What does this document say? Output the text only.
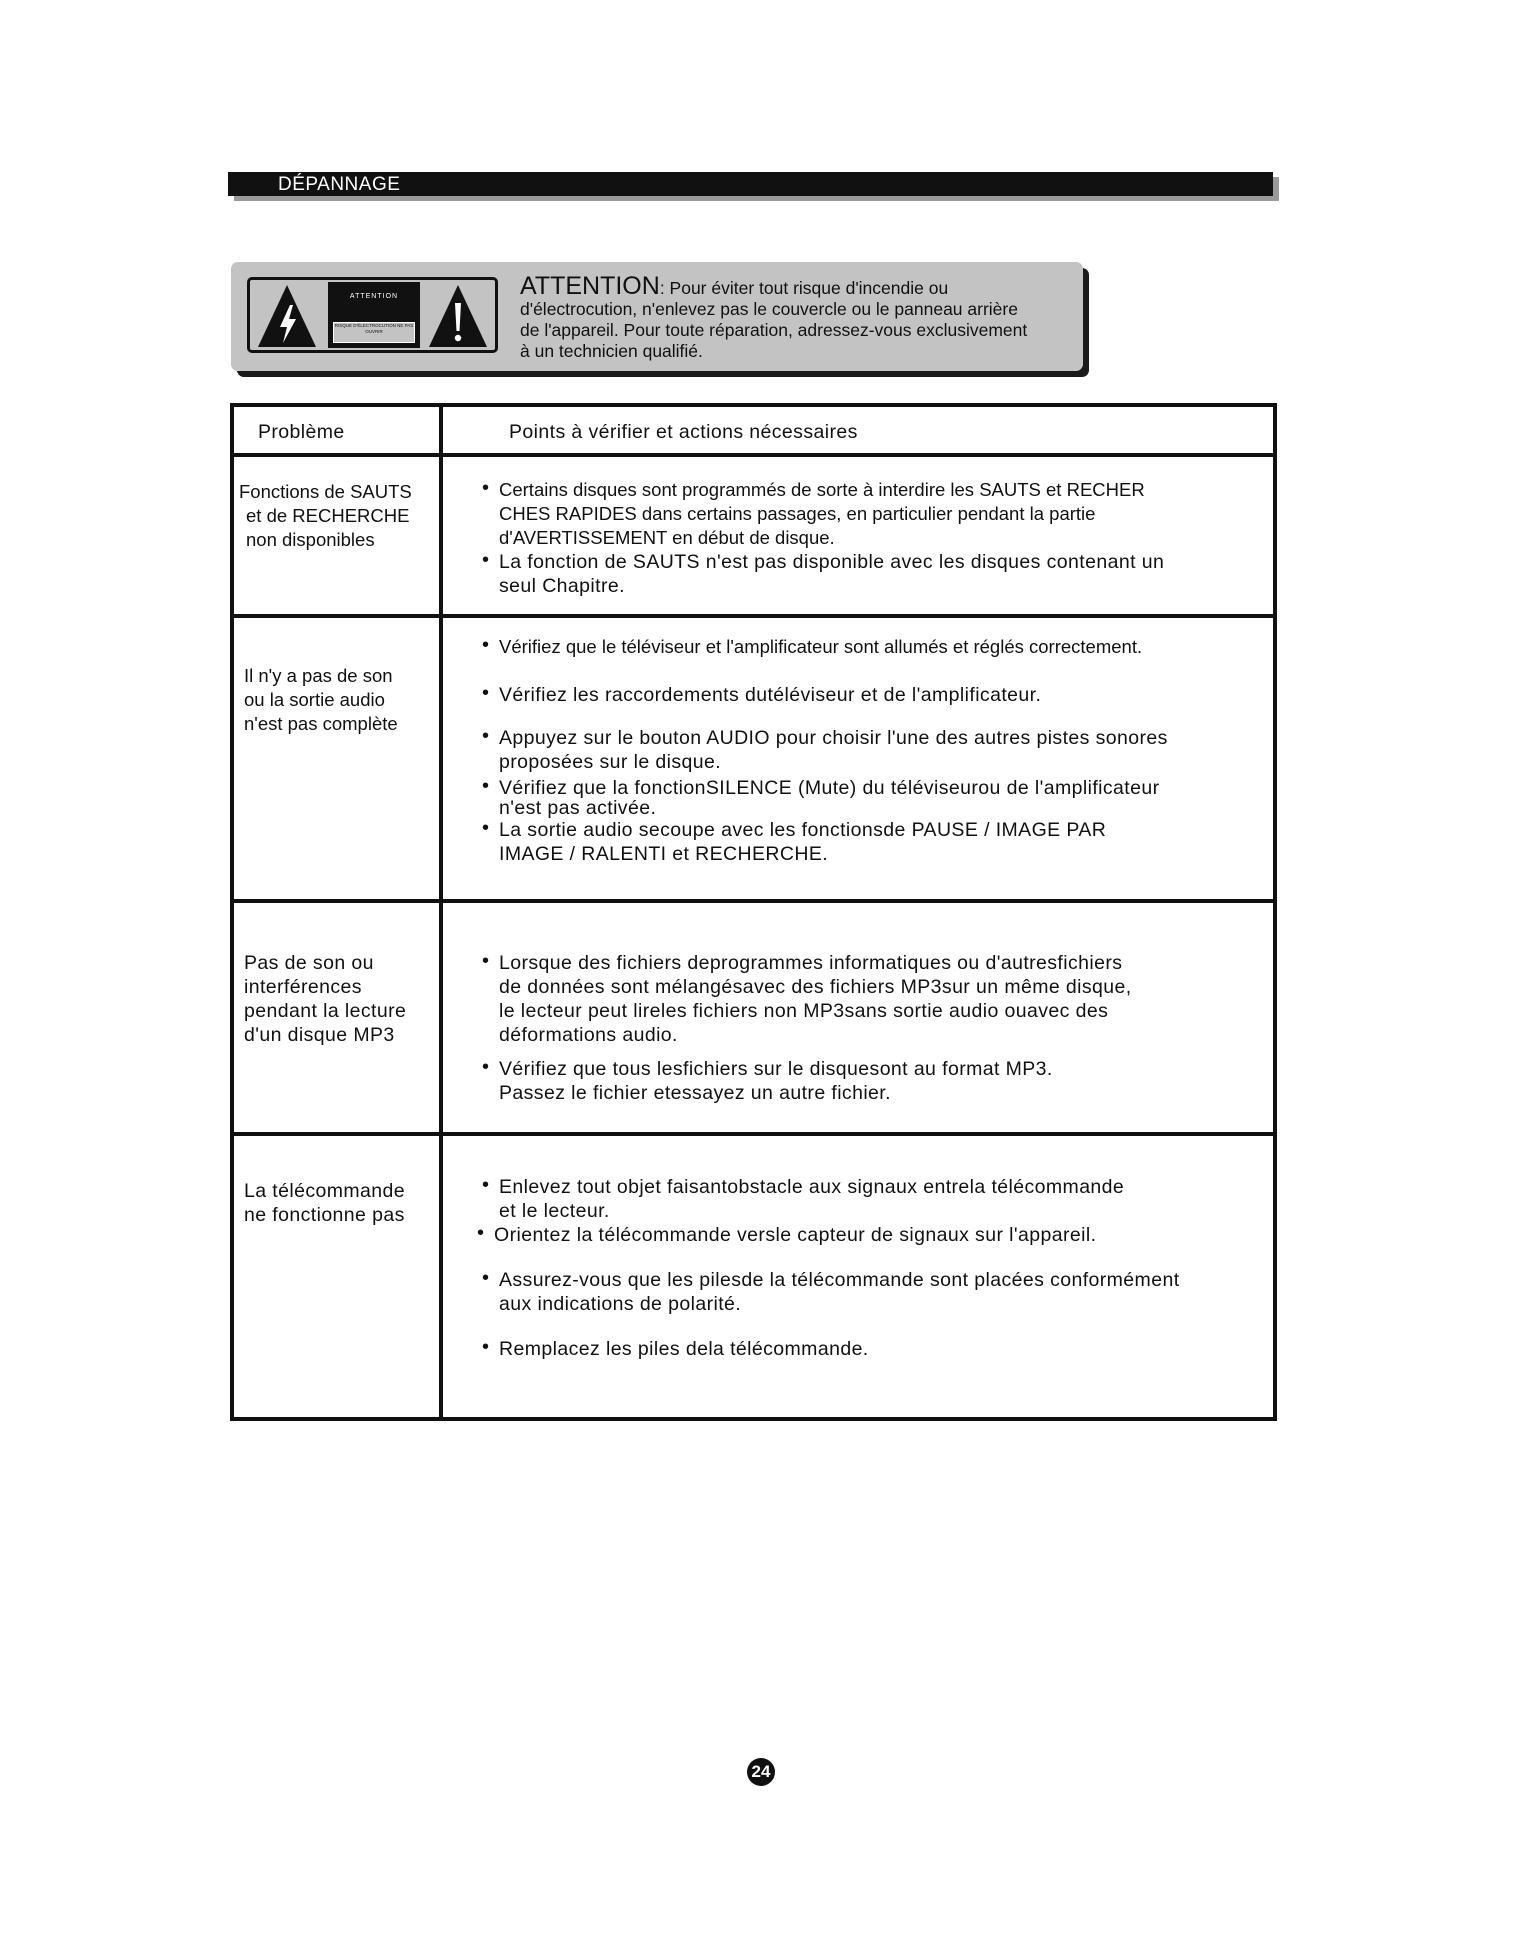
DÉPANNAGE
ATTENTION
RISQUE D'ÉLECTROCUTION NE PAS OUVRIR
ATTENTION: Pour éviter tout risque d'incendie ou
d'électrocution, n'enlevez pas le couvercle ou le panneau arrière
de l'appareil. Pour toute réparation, adressez-vous exclusivement
à un technicien qualifié.
Problème	Points à vérifier et actions nécessaires
Fonctions de SAUTS
et de RECHERCHE
non disponibles
• Certains disques sont programmés de sorte à interdire les SAUTS et RECHER
CHES RAPIDES dans certains passages, en particulier pendant la partie
d'AVERTISSEMENT en début de disque.
• La fonction de SAUTS n'est pas disponible avec les disques contenant un
seul Chapitre.
Il n'y a pas de son
ou la sortie audio
n'est pas complète
• Vérifiez que le téléviseur et l'amplificateur sont allumés et réglés correctement.
• Vérifiez les raccordements dutéléviseur et de l'amplificateur.
• Appuyez sur le bouton AUDIO pour choisir l'une des autres pistes sonores
proposées sur le disque.
• Vérifiez que la fonctionSILENCE (Mute) du téléviseurou de l'amplificateur
n'est pas activée.
• La sortie audio secoupe avec les fonctionsde PAUSE / IMAGE PAR
IMAGE / RALENTI et RECHERCHE.
Pas de son ou
interférences
pendant la lecture
d'un disque MP3
• Lorsque des fichiers deprogrammes informatiques ou d'autresfichiers
de données sont mélangésavec des fichiers MP3sur un même disque,
le lecteur peut lireles fichiers non MP3sans sortie audio ouavec des
déformations audio.
• Vérifiez que tous lesfichiers sur le disquesont au format MP3.
Passez le fichier etessayez un autre fichier.
La télécommande
ne fonctionne pas
• Enlevez tout objet faisantobstacle aux signaux entrela télécommande
et le lecteur.
• Orientez la télécommande versle capteur de signaux sur l'appareil.
• Assurez-vous que les pilesde la télécommande sont placées conformément
aux indications de polarité.
• Remplacez les piles dela télécommande.
24
